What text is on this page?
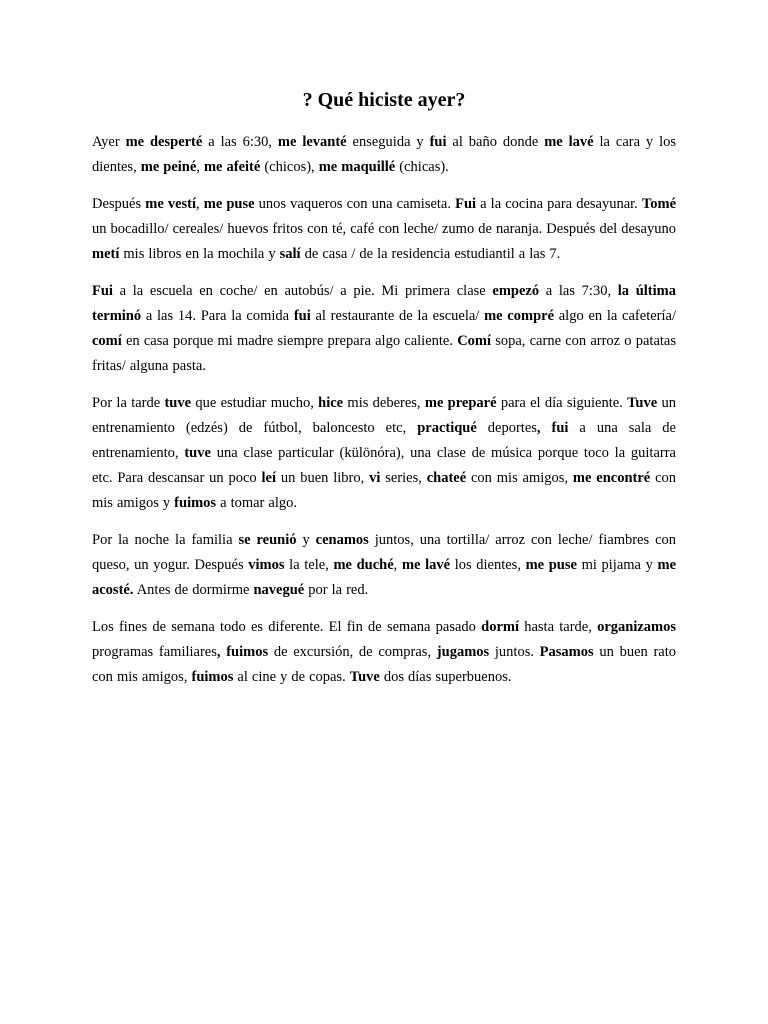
? Qué hiciste ayer?

Ayer me desperté a las 6:30, me levanté enseguida y fui al baño donde me lavé la cara y los dientes, me peiné, me afeité (chicos), me maquillé (chicas).

Después me vestí, me puse unos vaqueros con una camiseta. Fui a la cocina para desayunar. Tomé un bocadillo/ cereales/ huevos fritos con té, café con leche/ zumo de naranja. Después del desayuno metí mis libros en la mochila y salí de casa / de la residencia estudiantil a las 7.

Fui a la escuela en coche/ en autobús/ a pie. Mi primera clase empezó a las 7:30, la última terminó a las 14. Para la comida fui al restaurante de la escuela/ me compré algo en la cafetería/ comí en casa porque mi madre siempre prepara algo caliente. Comí sopa, carne con arroz o patatas fritas/ alguna pasta.

Por la tarde tuve que estudiar mucho, hice mis deberes, me preparé para el día siguiente. Tuve un entrenamiento (edzés) de fútbol, baloncesto etc, practiqué deportes, fui a una sala de entrenamiento, tuve una clase particular (különóra), una clase de música porque toco la guitarra etc. Para descansar un poco leí un buen libro, vi series, chateé con mis amigos, me encontré con mis amigos y fuimos a tomar algo.

Por la noche la familia se reunió y cenamos juntos, una tortilla/ arroz con leche/ fiambres con queso, un yogur. Después vimos la tele, me duché, me lavé los dientes, me puse mi pijama y me acosté. Antes de dormirme navegué por la red.

Los fines de semana todo es diferente. El fin de semana pasado dormí hasta tarde, organizamos programas familiares, fuimos de excursión, de compras, jugamos juntos. Pasamos un buen rato con mis amigos, fuimos al cine y de copas. Tuve dos días superbuenos.
